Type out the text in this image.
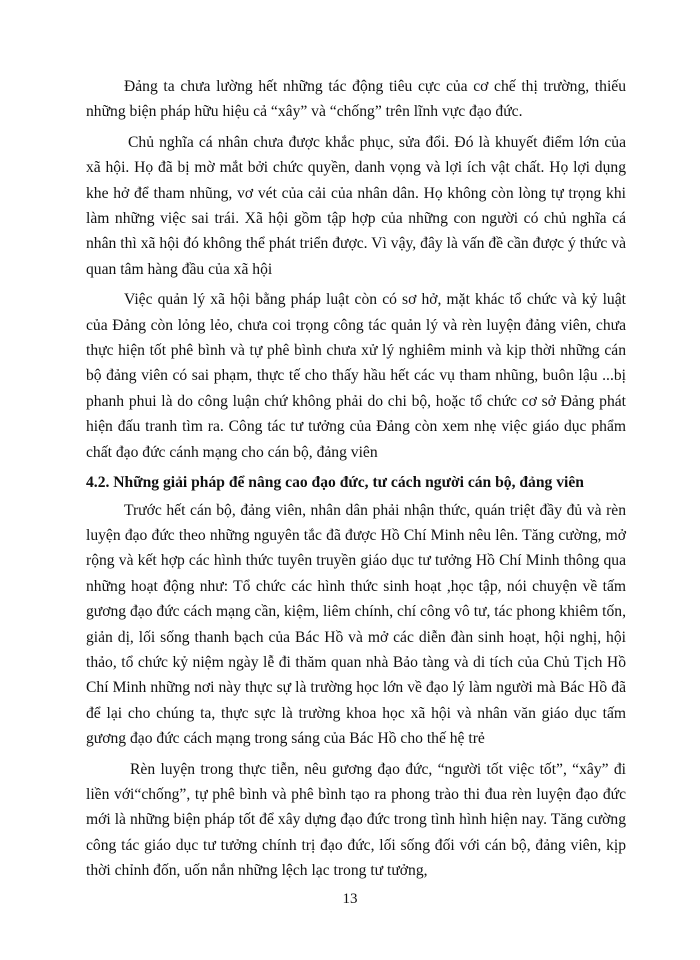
Đảng ta chưa lường hết những tác động tiêu cực của cơ chế thị trường, thiếu những biện pháp hữu hiệu cả “xây” và “chống” trên lĩnh vực đạo đức.

Chủ nghĩa cá nhân chưa được khắc phục, sửa đổi. Đó là khuyết điểm lớn của xã hội. Họ đã bị mờ mắt bởi chức quyền, danh vọng và lợi ích vật chất. Họ lợi dụng khe hở để tham nhũng, vơ vét của cải của nhân dân. Họ không còn lòng tự trọng khi làm những việc sai trái. Xã hội gồm tập hợp của những con người có chủ nghĩa cá nhân thì xã hội đó không thể phát triển được. Vì vậy, đây là vấn đề cần được ý thức và quan tâm hàng đầu của xã hội

Việc quản lý xã hội bằng pháp luật còn có sơ hở, mặt khác tổ chức và kỷ luật của Đảng còn lỏng lẻo, chưa coi trọng công tác quản lý và rèn luyện đảng viên, chưa thực hiện tốt phê bình và tự phê bình chưa xử lý nghiêm minh và kịp thời những cán bộ đảng viên có sai phạm, thực tế cho thấy hầu hết các vụ tham nhũng, buôn lậu ...bị phanh phui là do công luận chứ không phải do chi bộ, hoặc tổ chức cơ sở Đảng phát hiện đấu tranh tìm ra. Công tác tư tưởng của Đảng còn xem nhẹ việc giáo dục phẩm chất đạo đức cánh mạng cho cán bộ, đảng viên

4.2. Những giải pháp để nâng cao đạo đức, tư cách người cán bộ, đảng viên

Trước hết cán bộ, đảng viên, nhân dân phải nhận thức, quán triệt đầy đủ và rèn luyện đạo đức theo những nguyên tắc đã được Hồ Chí Minh nêu lên. Tăng cường, mở rộng và kết hợp các hình thức tuyên truyền giáo dục tư tưởng Hồ Chí Minh thông qua những hoạt động như: Tổ chức các hình thức sinh hoạt ,học tập, nói chuyện về tấm gương đạo đức cách mạng cần, kiệm, liêm chính, chí công vô tư, tác phong khiêm tốn, giản dị, lối sống thanh bạch của Bác Hồ và mở các diễn đàn sinh hoạt, hội nghị, hội thảo, tổ chức kỷ niệm ngày lễ đi thăm quan nhà Bảo tàng và di tích của Chủ Tịch Hồ Chí Minh những nơi này thực sự là trường học lớn về đạo lý làm người mà Bác Hồ đã để lại cho chúng ta, thực sực là trường khoa học xã hội và nhân văn giáo dục tấm gương đạo đức cách mạng trong sáng của Bác Hồ cho thế hệ trẻ

Rèn luyện trong thực tiễn, nêu gương đạo đức, “người tốt việc tốt”, “xây” đi liền với“chống”, tự phê bình và phê bình tạo ra phong trào thi đua rèn luyện đạo đức mới là những biện pháp tốt để xây dựng đạo đức trong tình hình hiện nay. Tăng cường công tác giáo dục tư tưởng chính trị đạo đức, lối sống đối với cán bộ, đảng viên, kịp thời chỉnh đốn, uốn nắn những lệch lạc trong tư tưởng,

13
